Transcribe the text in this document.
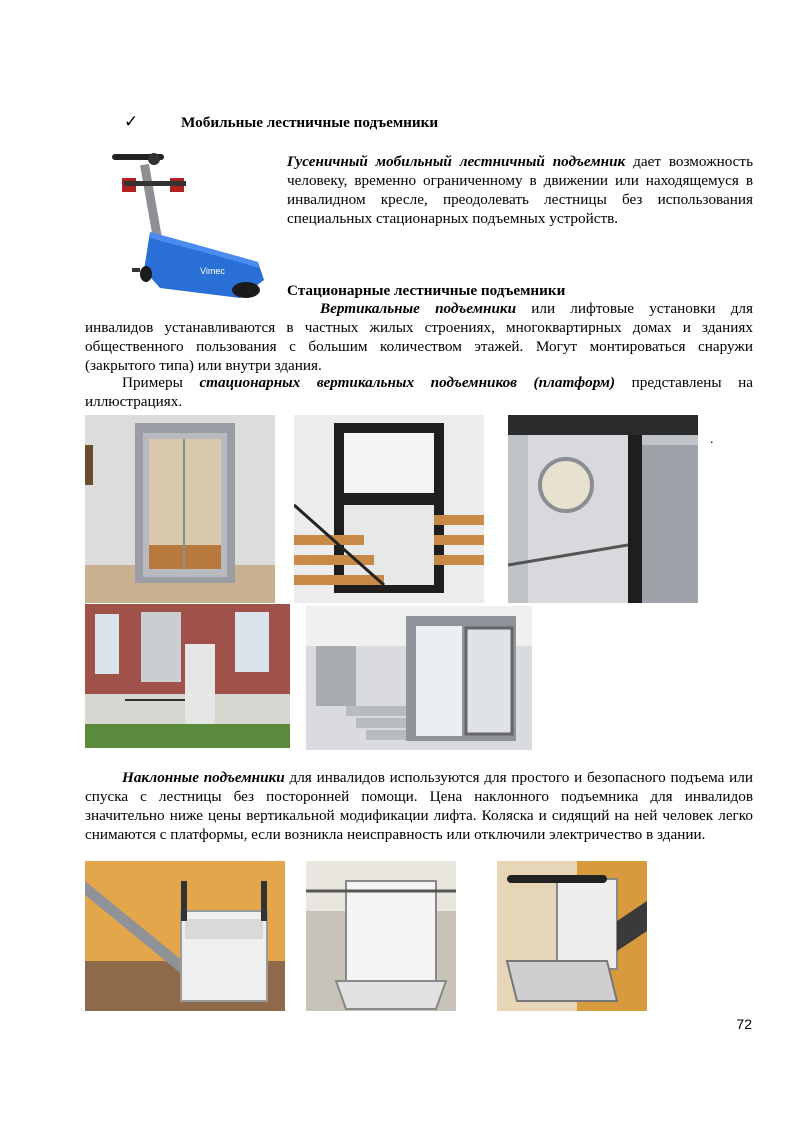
✓	Мобильные лестничные подъемники
Vimec
Гусеничный мобильный лестничный подъемник дает возможность человеку, временно ограниченному в движении или находящемуся в инвалидном кресле, преодолевать лестницы без использования специальных стационарных подъемных устройств.
Стационарные лестничные подъемники
Вертикальные подъемники или лифтовые установки для инвалидов устанавливаются в частных жилых строениях, многоквартирных домах и зданиях общественного пользования с большим количеством этажей. Могут монтироваться снаружи (закрытого типа) или внутри здания.
Примеры стационарных вертикальных подъемников (платформ) представлены на иллюстрациях.
.
Наклонные подъемники для инвалидов используются для простого и безопасного подъема или спуска с лестницы без посторонней помощи. Цена наклонного подъемника для инвалидов значительно ниже цены вертикальной модификации лифта. Коляска и сидящий на ней человек легко снимаются с платформы, если возникла неисправность или отключили электричество в здании.
72
